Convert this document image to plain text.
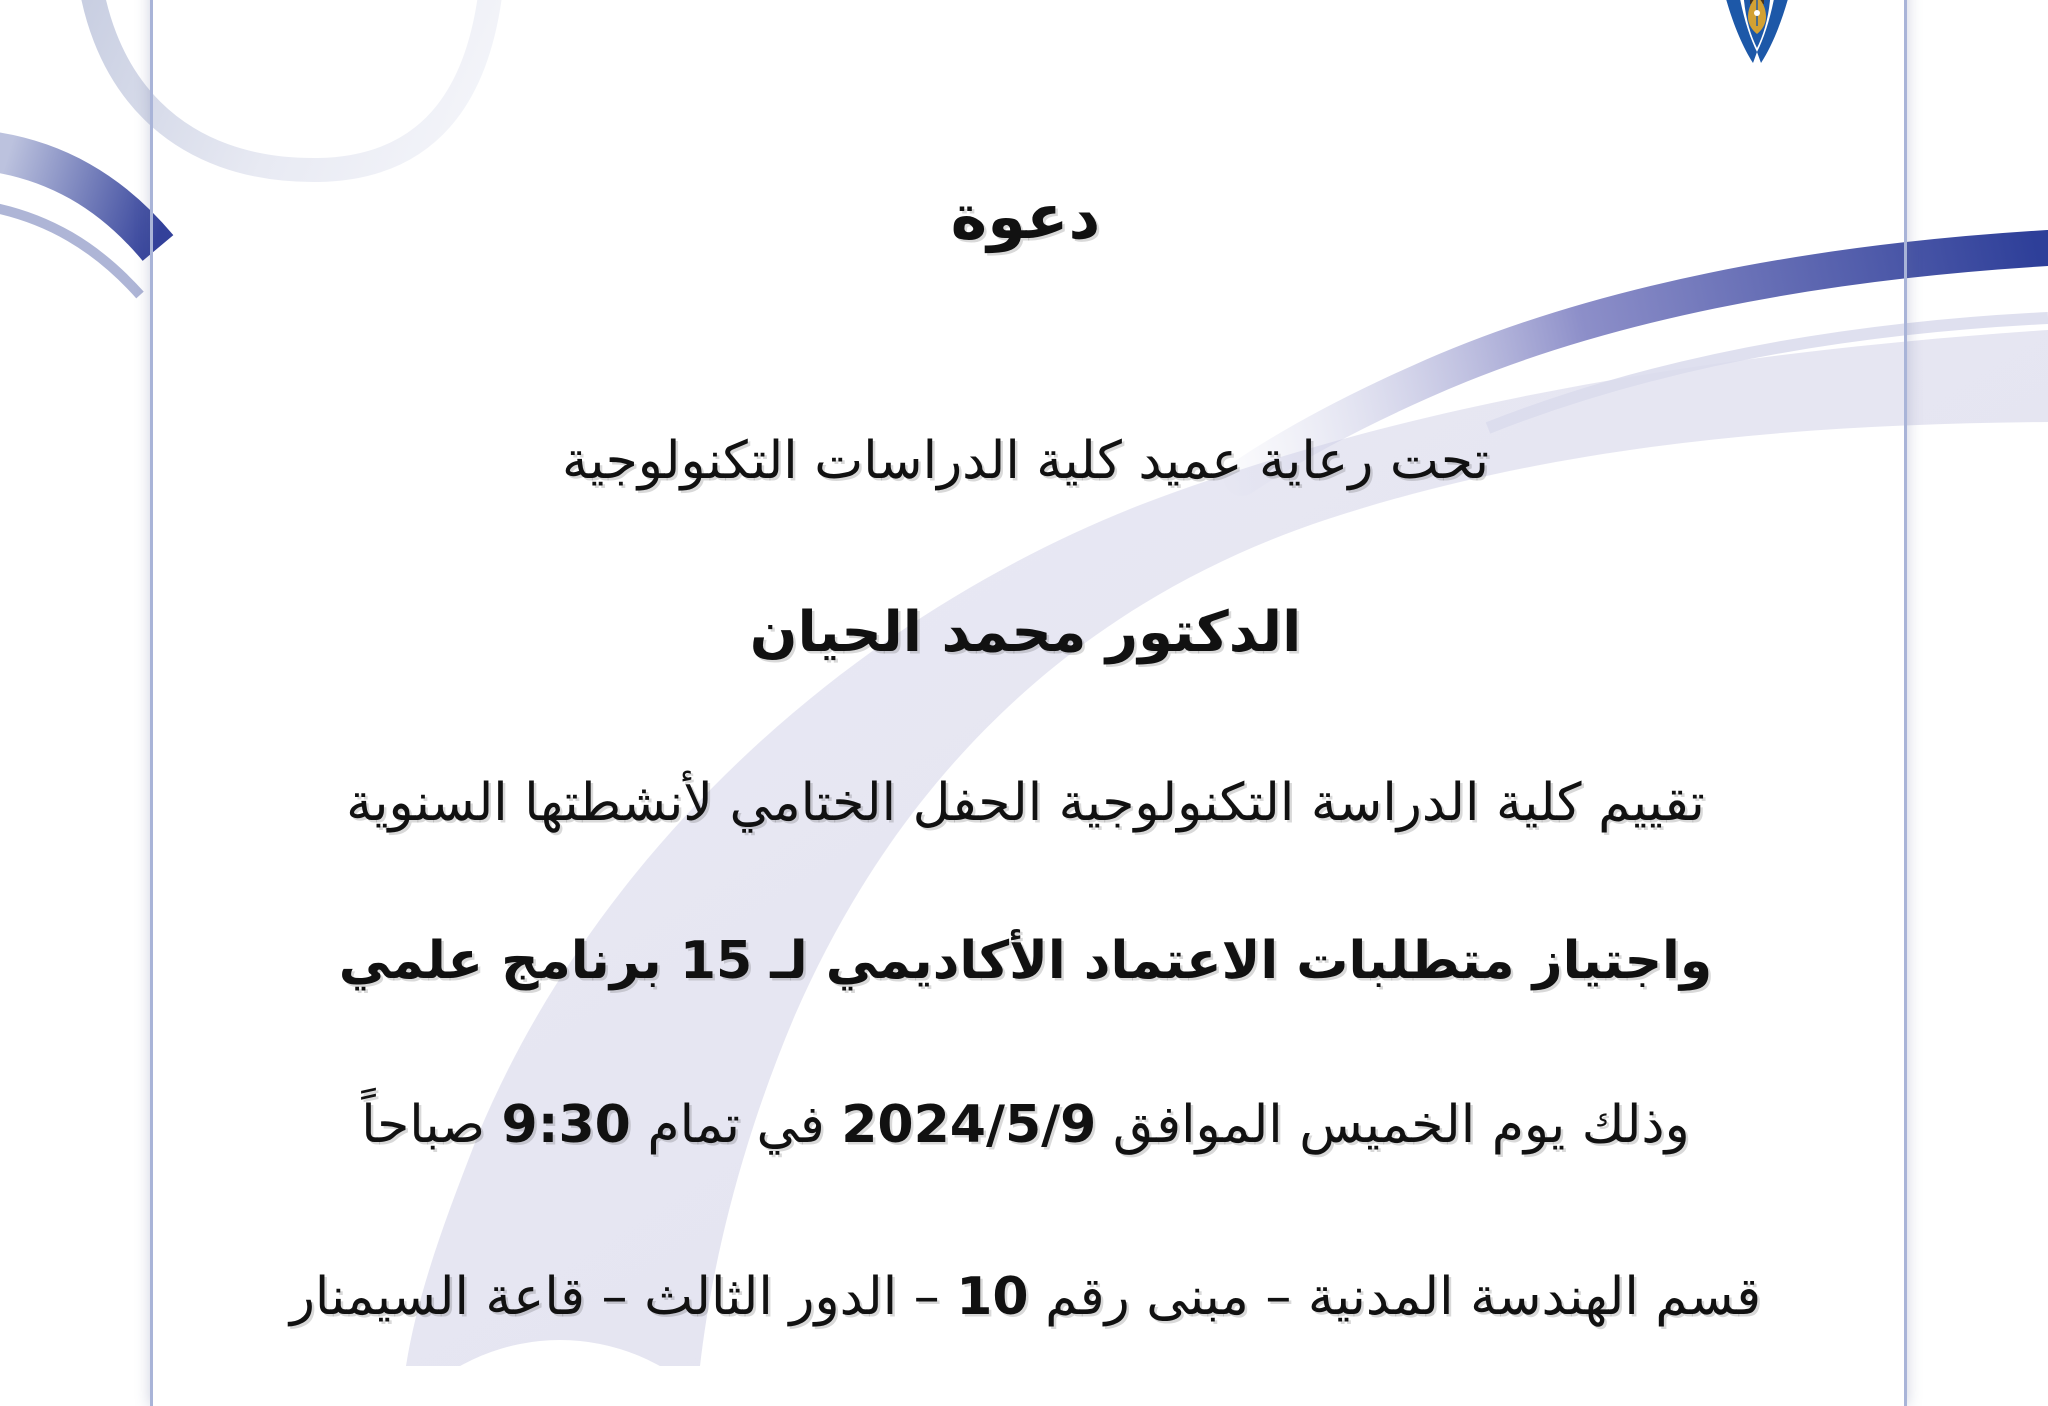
دعوة
تحت رعاية عميد كلية الدراسات التكنولوجية
الدكتور محمد الحيان
تقييم كلية الدراسة التكنولوجية الحفل الختامي لأنشطتها السنوية
واجتياز متطلبات الاعتماد الأكاديمي لـ 15 برنامج علمي
وذلك يوم الخميس الموافق 2024/5/9 في تمام 9:30 صباحاً
قسم الهندسة المدنية – مبنى رقم 10 – الدور الثالث – قاعة السيمنار
